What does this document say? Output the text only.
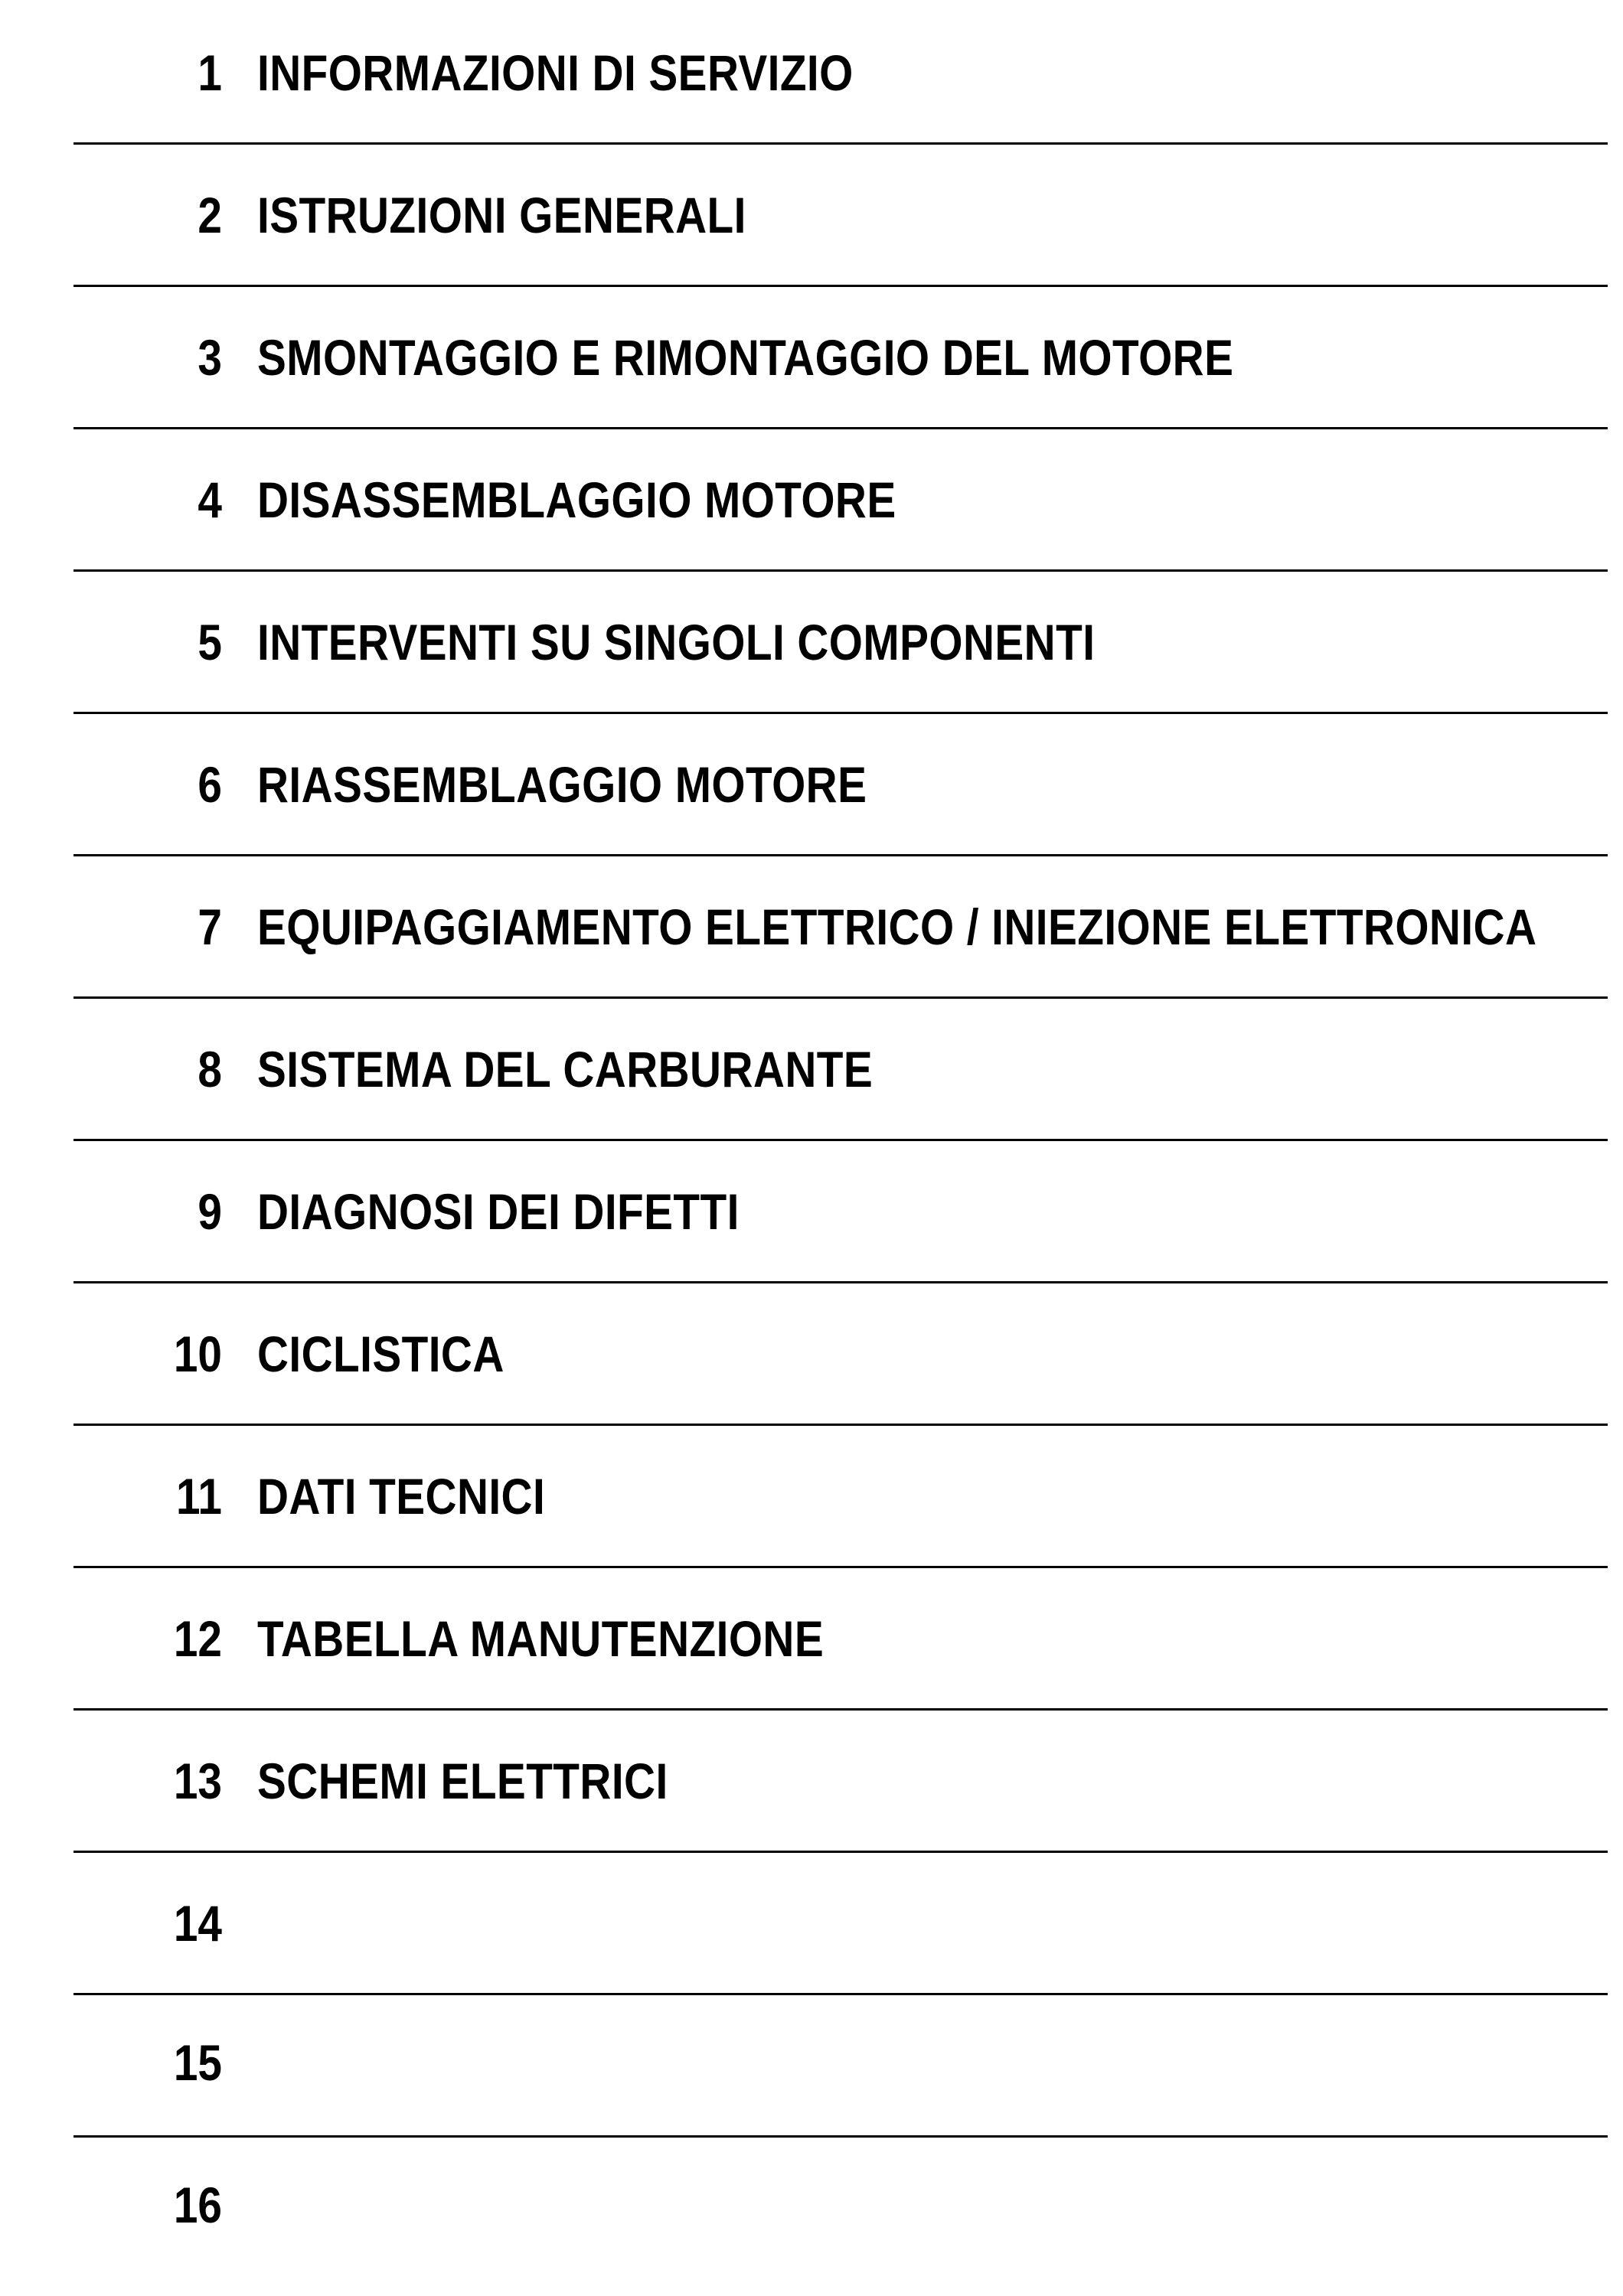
1 INFORMAZIONI DI SERVIZIO
2 ISTRUZIONI GENERALI
3 SMONTAGGIO E RIMONTAGGIO DEL MOTORE
4 DISASSEMBLAGGIO MOTORE
5 INTERVENTI SU SINGOLI COMPONENTI
6 RIASSEMBLAGGIO MOTORE
7 EQUIPAGGIAMENTO ELETTRICO / INIEZIONE ELETTRONICA
8 SISTEMA DEL CARBURANTE
9 DIAGNOSI DEI DIFETTI
10 CICLISTICA
11 DATI TECNICI
12 TABELLA MANUTENZIONE
13 SCHEMI ELETTRICI
14
15
16
